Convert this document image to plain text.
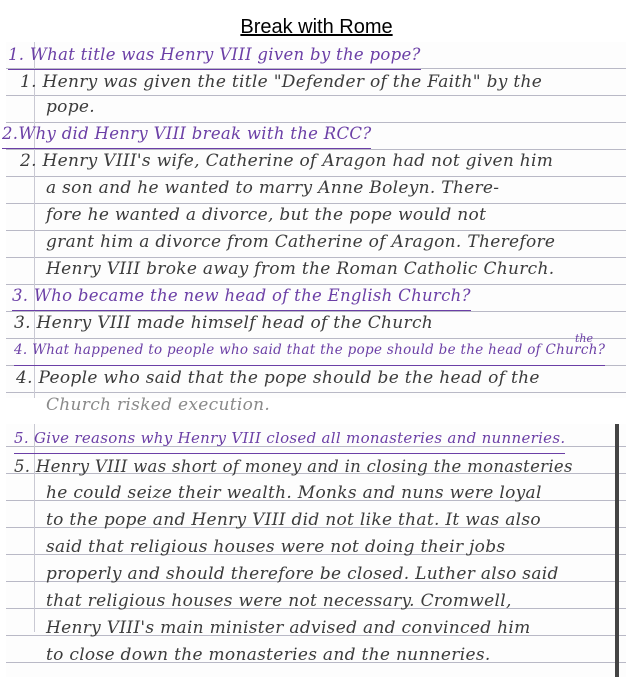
Break with Rome
1. What title was Henry VIII given by the pope?
1. Henry was given the title "Defender of the Faith" by the
pope.
2.Why did Henry VIII break with the RCC?
2. Henry VIII's wife, Catherine of Aragon had not given him
a son and he wanted to marry Anne Boleyn. There-
fore he wanted a divorce, but the pope would not
grant him a divorce from Catherine of Aragon. Therefore
Henry VIII broke away from the Roman Catholic Church.
3. Who became the new head of the English Church?
3. Henry VIII made himself head of the Church
the
4. What happened to people who said that the pope should be the head of Church?
4. People who said that the pope should be the head of the
Church risked execution.
5. Give reasons why Henry VIII closed all monasteries and nunneries.
5. Henry VIII was short of money and in closing the monasteries
he could seize their wealth. Monks and nuns were loyal
to the pope and Henry VIII did not like that. It was also
said that religious houses were not doing their jobs
properly and should therefore be closed. Luther also said
that religious houses were not necessary. Cromwell,
Henry VIII's main minister advised and convinced him
to close down the monasteries and the nunneries.
